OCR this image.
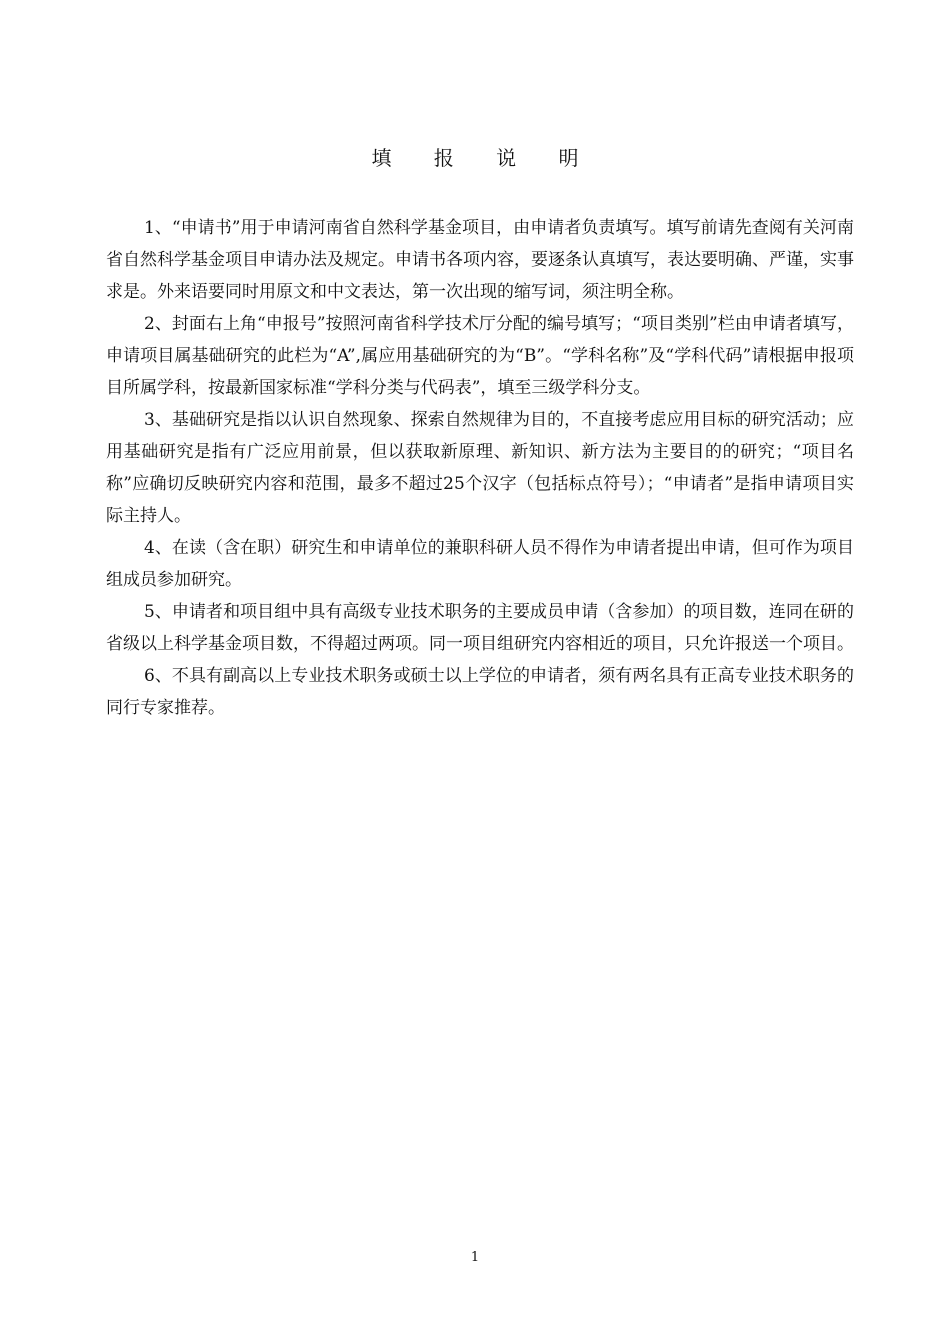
填 报 说 明

1、“申请书”用于申请河南省自然科学基金项目，由申请者负责填写。填写前请先查阅有关河南省自然科学基金项目申请办法及规定。申请书各项内容，要逐条认真填写，表达要明确、严谨，实事求是。外来语要同时用原文和中文表达，第一次出现的缩写词，须注明全称。

2、封面右上角“申报号”按照河南省科学技术厅分配的编号填写；“项目类别”栏由申请者填写，申请项目属基础研究的此栏为“A”,属应用基础研究的为“B”。“学科名称”及“学科代码”请根据申报项目所属学科，按最新国家标准“学科分类与代码表”，填至三级学科分支。

3、基础研究是指以认识自然现象、探索自然规律为目的，不直接考虑应用目标的研究活动；应用基础研究是指有广泛应用前景，但以获取新原理、新知识、新方法为主要目的的研究；“项目名称”应确切反映研究内容和范围，最多不超过25个汉字（包括标点符号）；“申请者”是指申请项目实际主持人。

4、在读（含在职）研究生和申请单位的兼职科研人员不得作为申请者提出申请，但可作为项目组成员参加研究。

5、申请者和项目组中具有高级专业技术职务的主要成员申请（含参加）的项目数，连同在研的省级以上科学基金项目数，不得超过两项。同一项目组研究内容相近的项目，只允许报送一个项目。

6、不具有副高以上专业技术职务或硕士以上学位的申请者，须有两名具有正高专业技术职务的同行专家推荐。

1
